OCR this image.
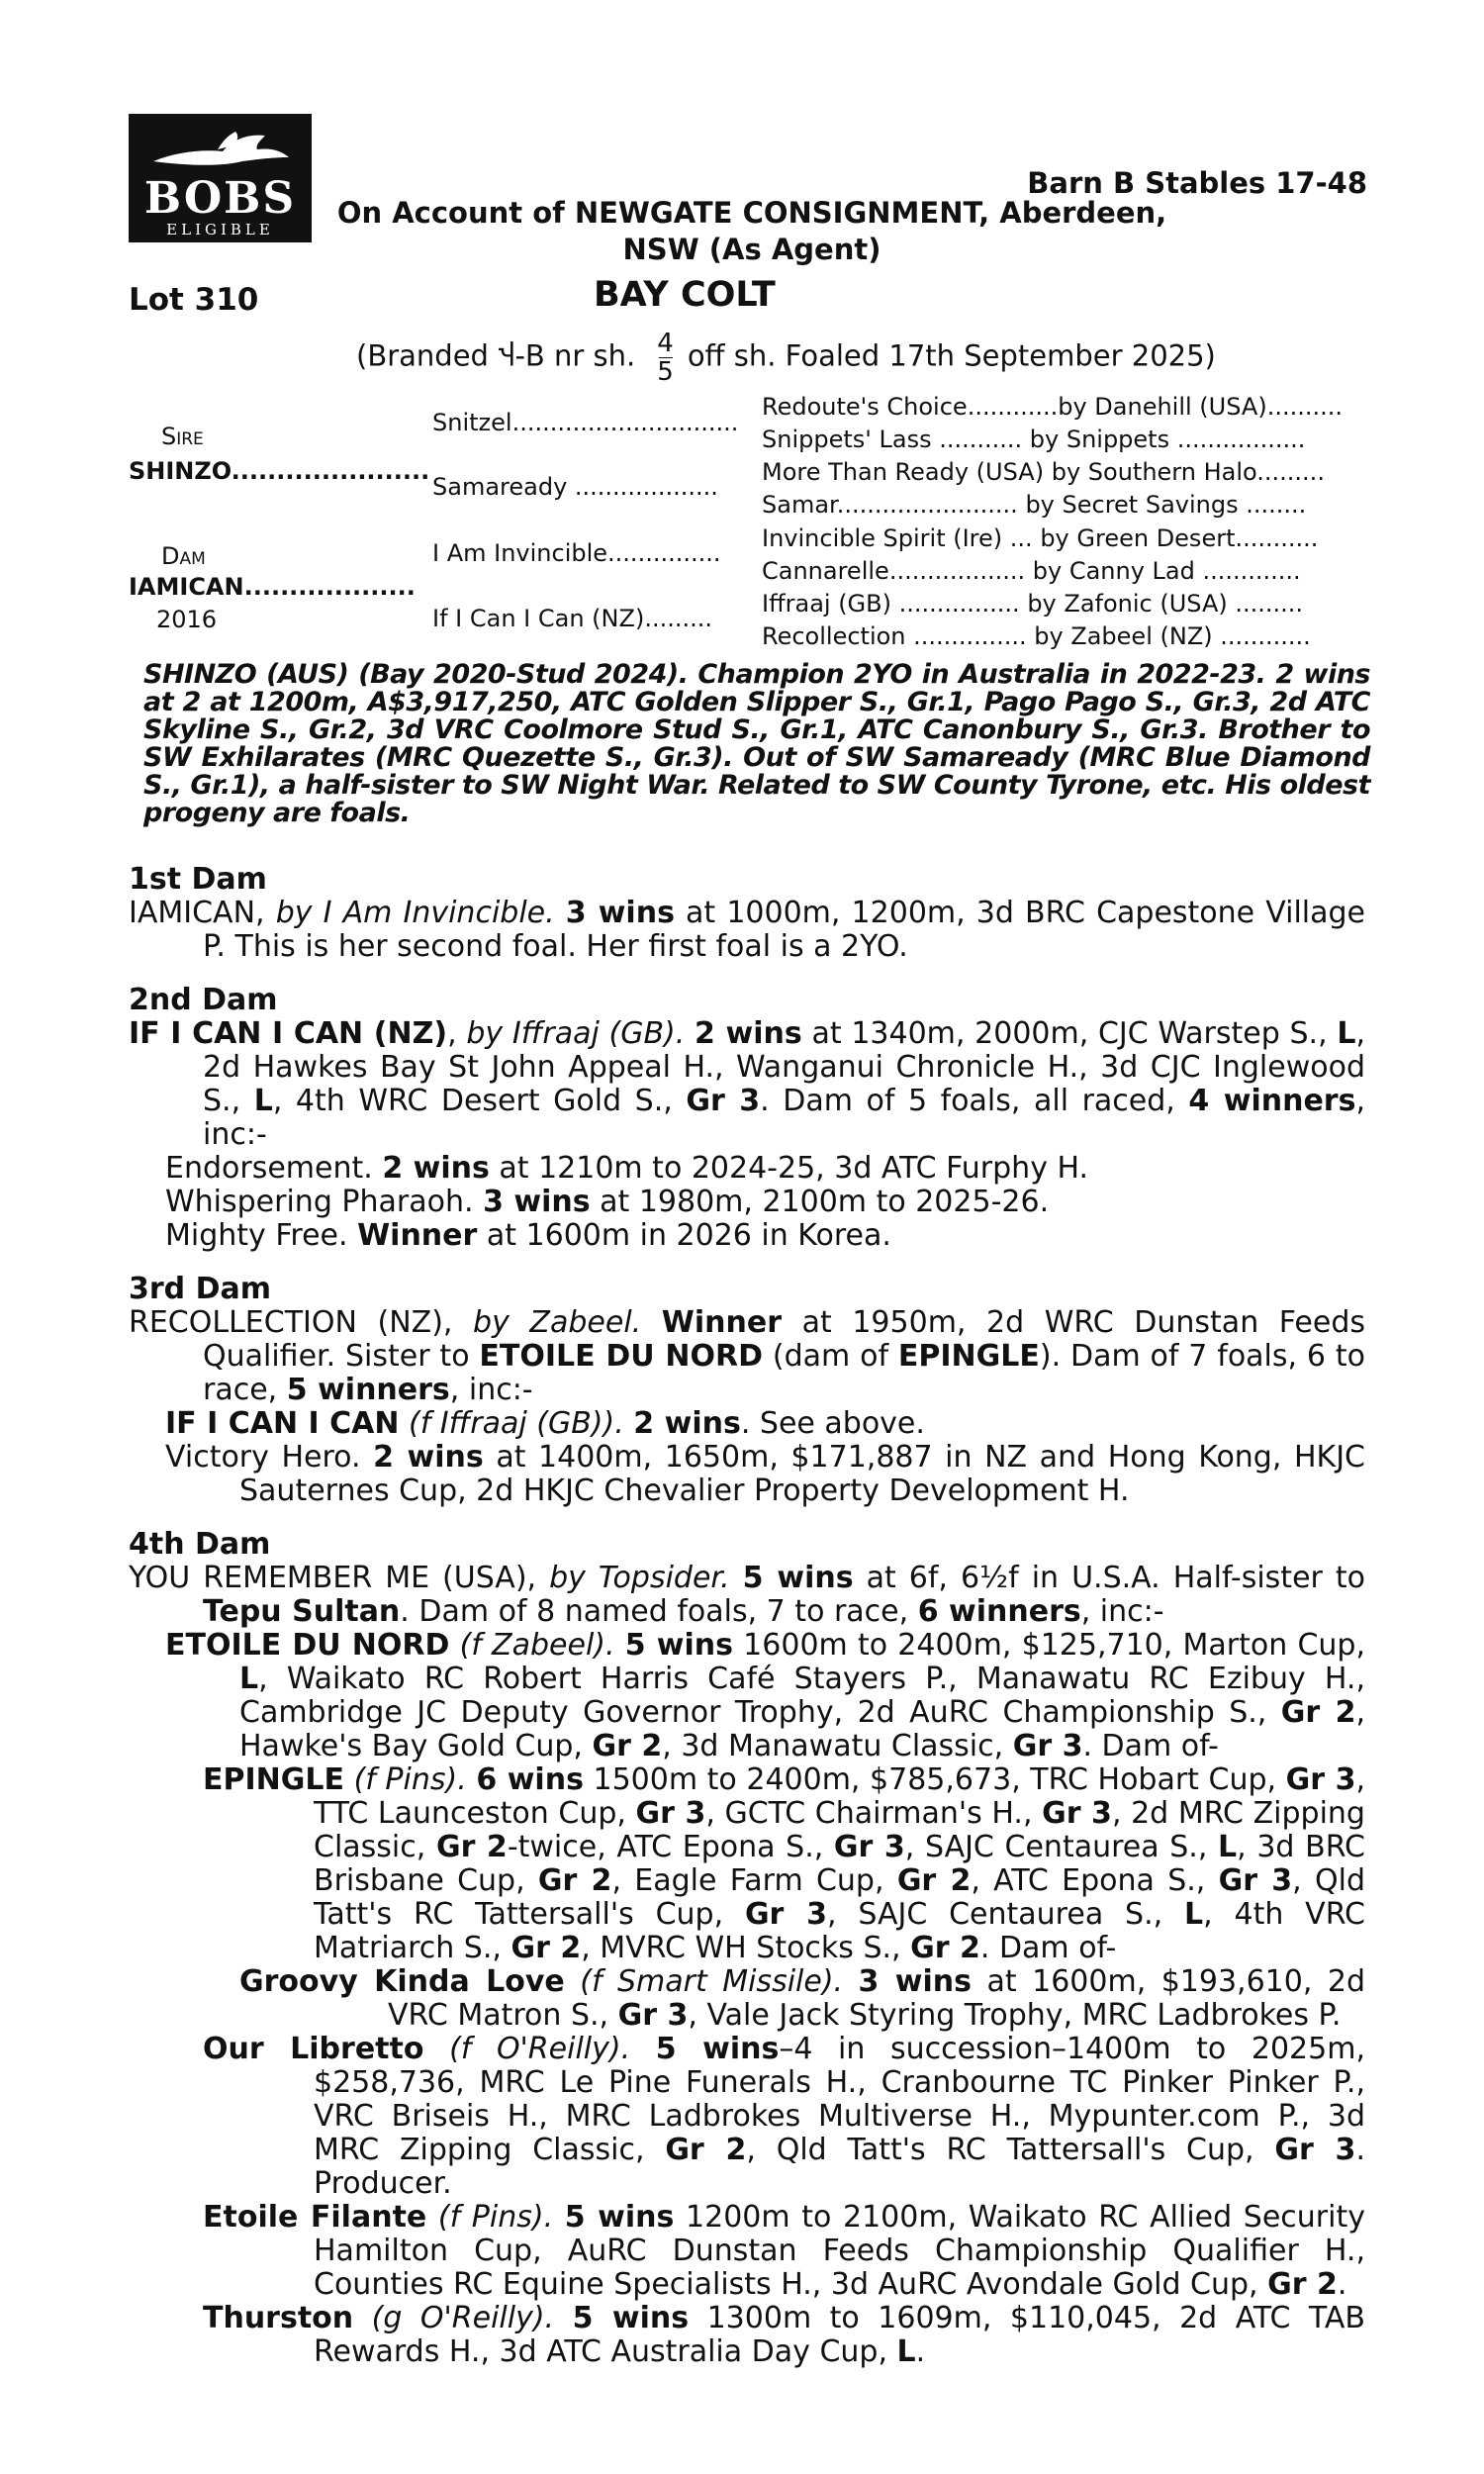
BOBS
ELIGIBLE
Barn B Stables 17-48
On Account of NEWGATE CONSIGNMENT, Aberdeen,
NSW (As Agent)
Lot 310	BAY COLT
(Branded Ⴣ-B nr sh. $\frac{4}{5}$ off sh. Foaled 17th September 2025)
Sire
SHINZO......................
Dam
IAMICAN...................
2016
Snitzel..............................
Samaready ...................
I Am Invincible...............
If I Can I Can (NZ).........
Redoute's Choice............by Danehill (USA)..........
Snippets' Lass ........... by Snippets .................
More Than Ready (USA) by Southern Halo.........
Samar........................ by Secret Savings ........
Invincible Spirit (Ire) ... by Green Desert...........
Cannarelle.................. by Canny Lad .............
Iffraaj (GB) ................ by Zafonic (USA) .........
Recollection ............... by Zabeel (NZ) ............
SHINZO (AUS) (Bay 2020-Stud 2024). Champion 2YO in Australia in 2022-23. 2 wins at 2 at 1200m, A$3,917,250, ATC Golden Slipper S., Gr.1, Pago Pago S., Gr.3, 2d ATC Skyline S., Gr.2, 3d VRC Coolmore Stud S., Gr.1, ATC Canonbury S., Gr.3. Brother to SW Exhilarates (MRC Quezette S., Gr.3). Out of SW Samaready (MRC Blue Diamond S., Gr.1), a half-sister to SW Night War. Related to SW County Tyrone, etc. His oldest progeny are foals.
1st Dam

IAMICAN, by I Am Invincible. 3 wins at 1000m, 1200m, 3d BRC Capestone Village P. This is her second foal. Her first foal is a 2YO.

2nd Dam

IF I CAN I CAN (NZ), by Iffraaj (GB). 2 wins at 1340m, 2000m, CJC Warstep S., L, 2d Hawkes Bay St John Appeal H., Wanganui Chronicle H., 3d CJC Inglewood S., L, 4th WRC Desert Gold S., Gr 3. Dam of 5 foals, all raced, 4 winners, inc:-

Endorsement. 2 wins at 1210m to 2024-25, 3d ATC Furphy H.

Whispering Pharaoh. 3 wins at 1980m, 2100m to 2025-26.

Mighty Free. Winner at 1600m in 2026 in Korea.

3rd Dam

RECOLLECTION (NZ), by Zabeel. Winner at 1950m, 2d WRC Dunstan Feeds Qualifier. Sister to ETOILE DU NORD (dam of EPINGLE). Dam of 7 foals, 6 to race, 5 winners, inc:-

IF I CAN I CAN (f Iffraaj (GB)). 2 wins. See above.

Victory Hero. 2 wins at 1400m, 1650m, $171,887 in NZ and Hong Kong, HKJC Sauternes Cup, 2d HKJC Chevalier Property Development H.

4th Dam

YOU REMEMBER ME (USA), by Topsider. 5 wins at 6f, 6½f in U.S.A. Half-sister to Tepu Sultan. Dam of 8 named foals, 7 to race, 6 winners, inc:-

ETOILE DU NORD (f Zabeel). 5 wins 1600m to 2400m, $125,710, Marton Cup, L, Waikato RC Robert Harris Café Stayers P., Manawatu RC Ezibuy H., Cambridge JC Deputy Governor Trophy, 2d AuRC Championship S., Gr 2, Hawke's Bay Gold Cup, Gr 2, 3d Manawatu Classic, Gr 3. Dam of-

EPINGLE (f Pins). 6 wins 1500m to 2400m, $785,673, TRC Hobart Cup, Gr 3, TTC Launceston Cup, Gr 3, GCTC Chairman's H., Gr 3, 2d MRC Zipping Classic, Gr 2-twice, ATC Epona S., Gr 3, SAJC Centaurea S., L, 3d BRC Brisbane Cup, Gr 2, Eagle Farm Cup, Gr 2, ATC Epona S., Gr 3, Qld Tatt's RC Tattersall's Cup, Gr 3, SAJC Centaurea S., L, 4th VRC Matriarch S., Gr 2, MVRC WH Stocks S., Gr 2. Dam of-

Groovy Kinda Love (f Smart Missile). 3 wins at 1600m, $193,610, 2d VRC Matron S., Gr 3, Vale Jack Styring Trophy, MRC Ladbrokes P.

Our Libretto (f O'Reilly). 5 wins–4 in succession–1400m to 2025m, $258,736, MRC Le Pine Funerals H., Cranbourne TC Pinker Pinker P., VRC Briseis H., MRC Ladbrokes Multiverse H., Mypunter.com P., 3d MRC Zipping Classic, Gr 2, Qld Tatt's RC Tattersall's Cup, Gr 3. Producer.

Etoile Filante (f Pins). 5 wins 1200m to 2100m, Waikato RC Allied Security Hamilton Cup, AuRC Dunstan Feeds Championship Qualifier H., Counties RC Equine Specialists H., 3d AuRC Avondale Gold Cup, Gr 2.

Thurston (g O'Reilly). 5 wins 1300m to 1609m, $110,045, 2d ATC TAB Rewards H., 3d ATC Australia Day Cup, L.
